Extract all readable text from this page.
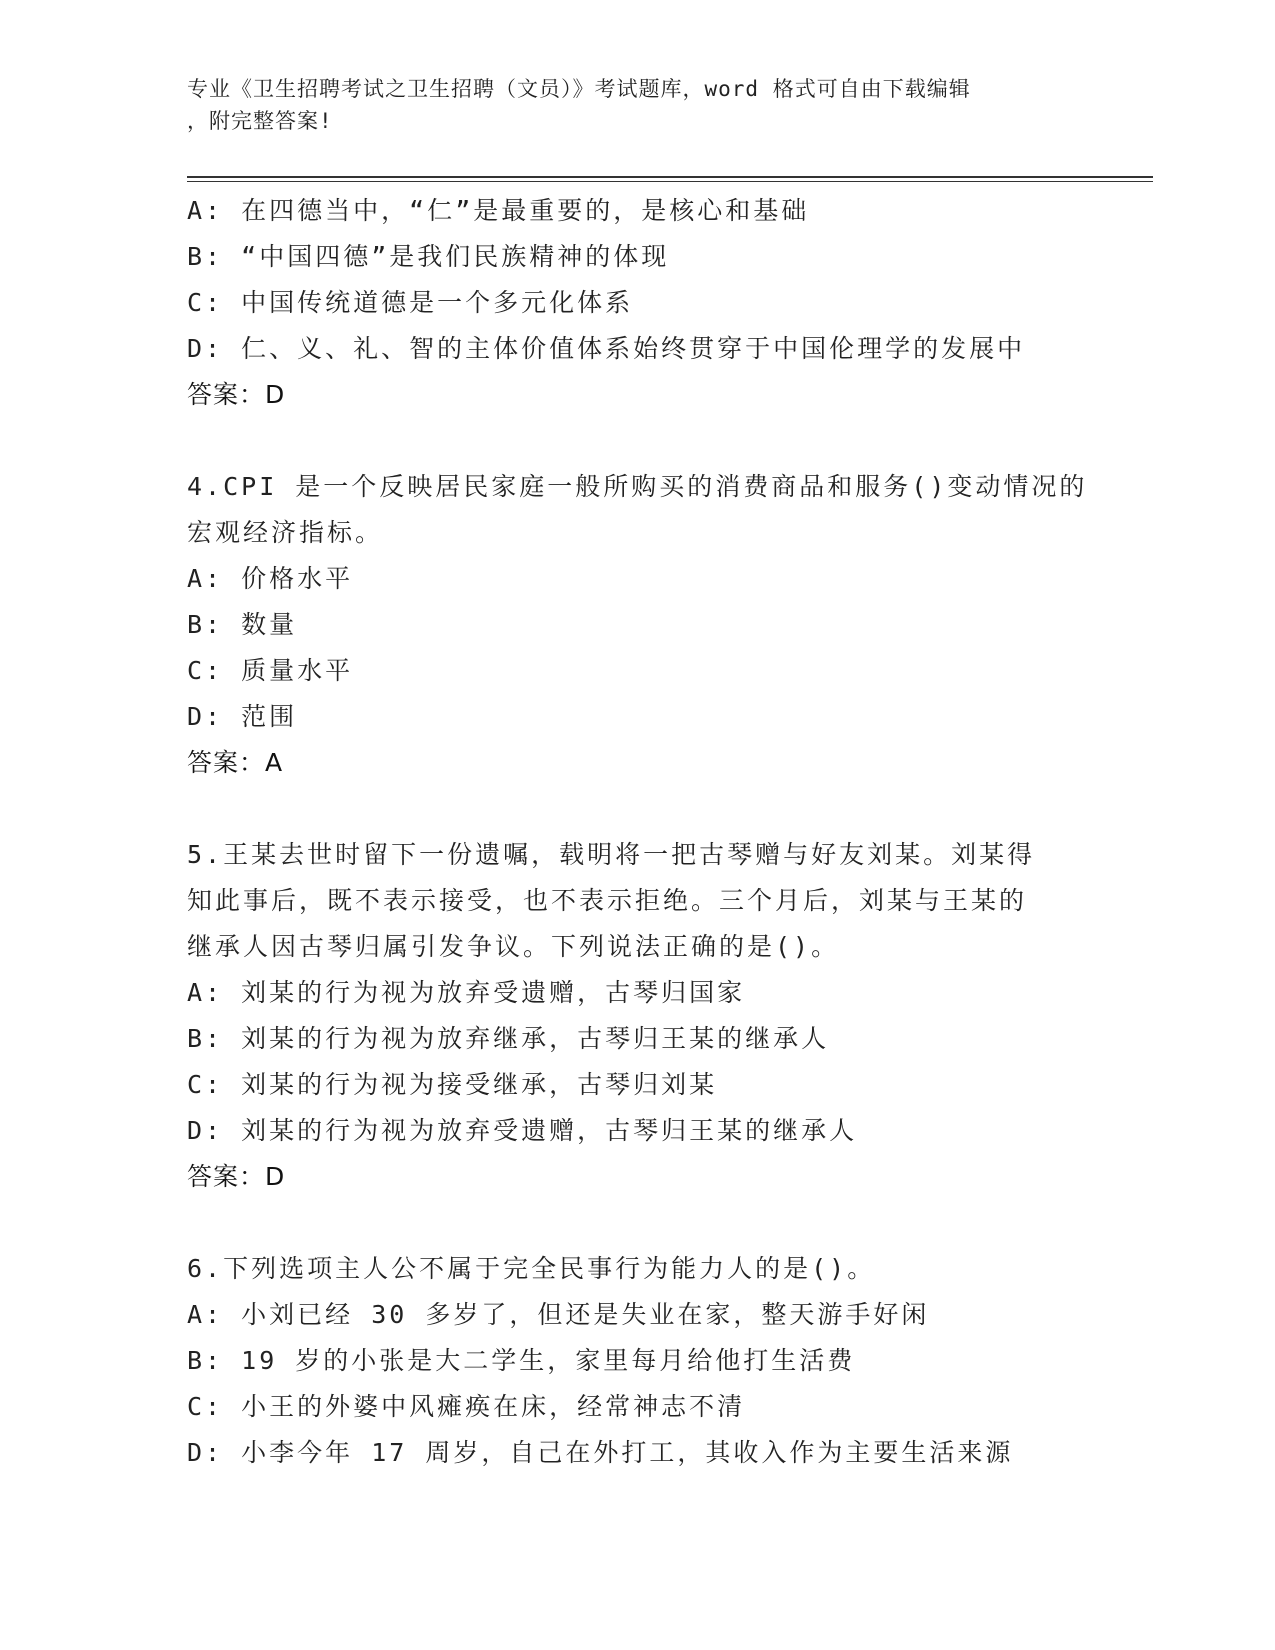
专业《卫生招聘考试之卫生招聘（文员）》考试题库，word 格式可自由下载编辑
，附完整答案!
A: 在四德当中，“仁”是最重要的，是核心和基础
B: “中国四德”是我们民族精神的体现
C: 中国传统道德是一个多元化体系
D: 仁、义、礼、智的主体价值体系始终贯穿于中国伦理学的发展中
答案：D
4.CPI 是一个反映居民家庭一般所购买的消费商品和服务()变动情况的
宏观经济指标。
A: 价格水平
B: 数量
C: 质量水平
D: 范围
答案：A
5.王某去世时留下一份遗嘱，载明将一把古琴赠与好友刘某。刘某得
知此事后，既不表示接受，也不表示拒绝。三个月后，刘某与王某的
继承人因古琴归属引发争议。下列说法正确的是()。
A: 刘某的行为视为放弃受遗赠，古琴归国家
B: 刘某的行为视为放弃继承，古琴归王某的继承人
C: 刘某的行为视为接受继承，古琴归刘某
D: 刘某的行为视为放弃受遗赠，古琴归王某的继承人
答案：D
6.下列选项主人公不属于完全民事行为能力人的是()。
A: 小刘已经 30 多岁了，但还是失业在家，整天游手好闲
B: 19 岁的小张是大二学生，家里每月给他打生活费
C: 小王的外婆中风瘫痪在床，经常神志不清
D: 小李今年 17 周岁，自己在外打工，其收入作为主要生活来源
